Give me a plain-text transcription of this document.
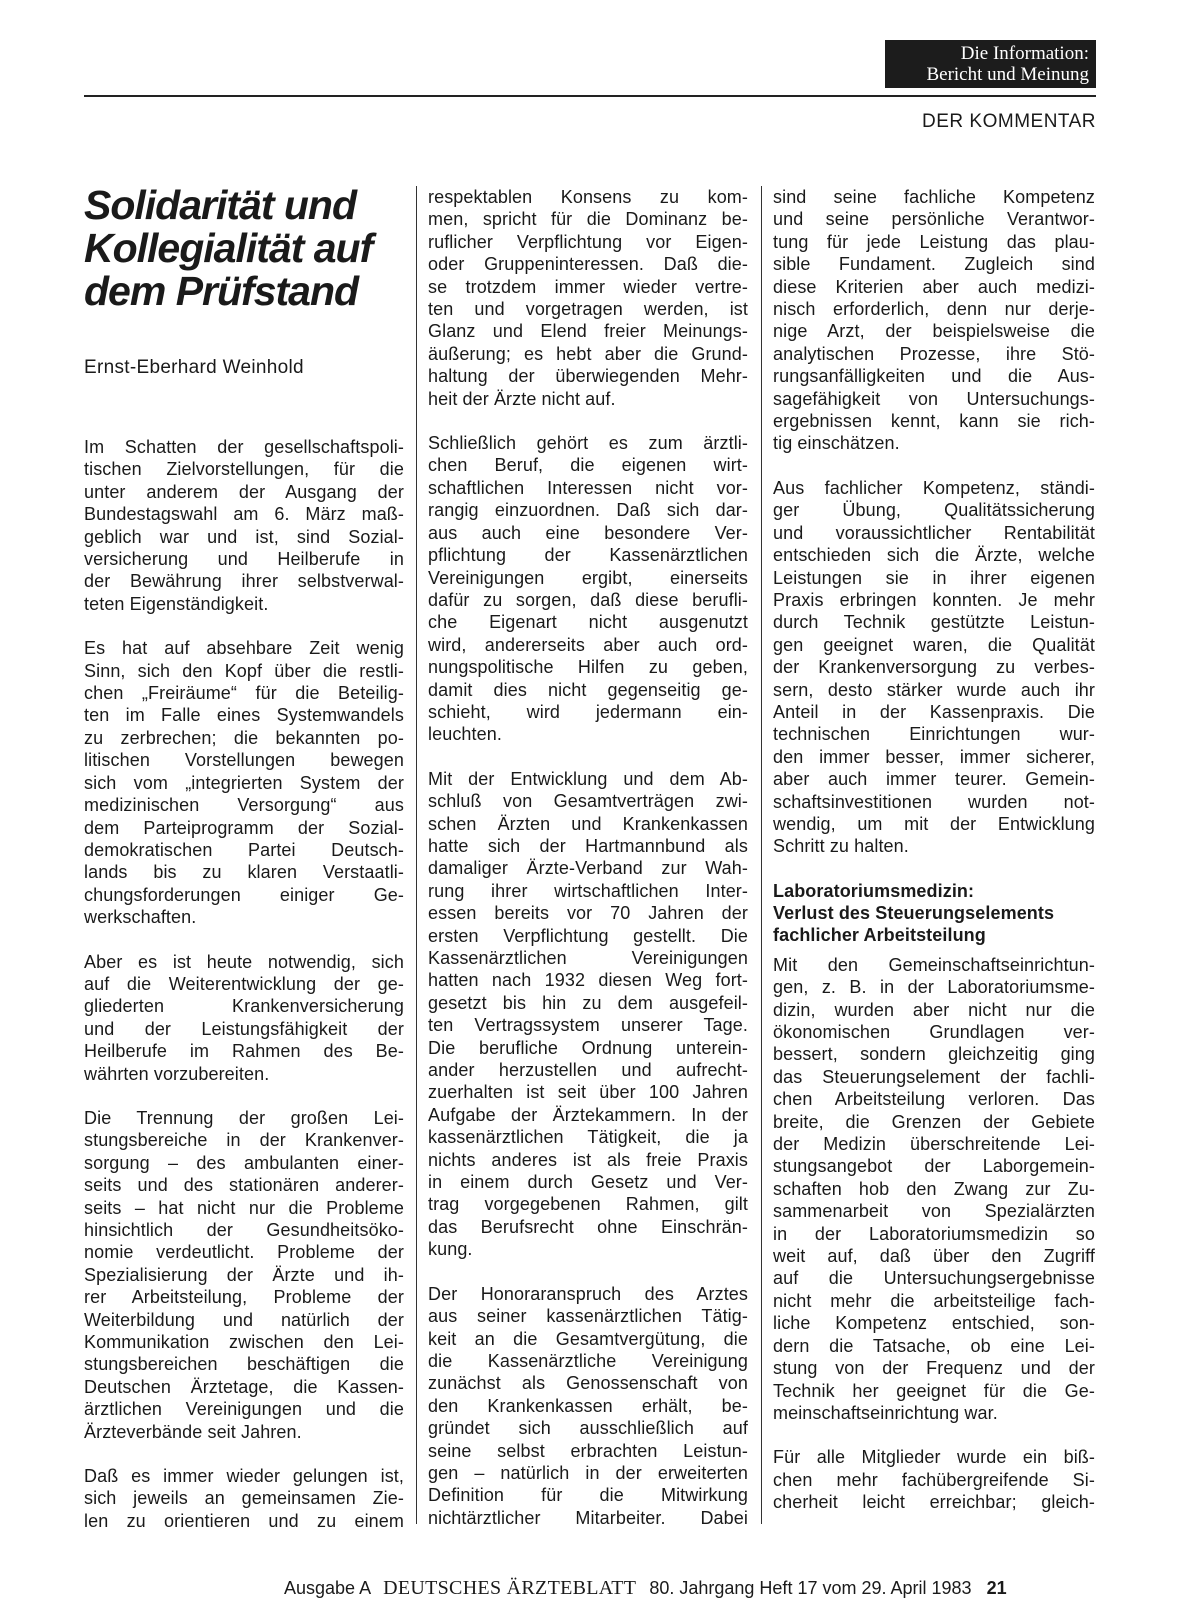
Die Information:
Bericht und Meinung
DER KOMMENTAR
Solidarität und
Kollegialität auf
dem Prüfstand
Ernst-Eberhard Weinhold
Im Schatten der gesellschaftspoli-
tischen Zielvorstellungen, für die
unter anderem der Ausgang der
Bundestagswahl am 6. März maß-
geblich war und ist, sind Sozial-
versicherung und Heilberufe in
der Bewährung ihrer selbstverwal-
teten Eigenständigkeit.
Es hat auf absehbare Zeit wenig
Sinn, sich den Kopf über die restli-
chen „Freiräume“ für die Beteilig-
ten im Falle eines Systemwandels
zu zerbrechen; die bekannten po-
litischen Vorstellungen bewegen
sich vom „integrierten System der
medizinischen Versorgung“ aus
dem Parteiprogramm der Sozial-
demokratischen Partei Deutsch-
lands bis zu klaren Verstaatli-
chungsforderungen einiger Ge-
werkschaften.
Aber es ist heute notwendig, sich
auf die Weiterentwicklung der ge-
gliederten Krankenversicherung
und der Leistungsfähigkeit der
Heilberufe im Rahmen des Be-
währten vorzubereiten.
Die Trennung der großen Lei-
stungsbereiche in der Krankenver-
sorgung – des ambulanten einer-
seits und des stationären anderer-
seits – hat nicht nur die Probleme
hinsichtlich der Gesundheitsöko-
nomie verdeutlicht. Probleme der
Spezialisierung der Ärzte und ih-
rer Arbeitsteilung, Probleme der
Weiterbildung und natürlich der
Kommunikation zwischen den Lei-
stungsbereichen beschäftigen die
Deutschen Ärztetage, die Kassen-
ärztlichen Vereinigungen und die
Ärzteverbände seit Jahren.
Daß es immer wieder gelungen ist,
sich jeweils an gemeinsamen Zie-
len zu orientieren und zu einem
respektablen Konsens zu kom-
men, spricht für die Dominanz be-
ruflicher Verpflichtung vor Eigen-
oder Gruppeninteressen. Daß die-
se trotzdem immer wieder vertre-
ten und vorgetragen werden, ist
Glanz und Elend freier Meinungs-
äußerung; es hebt aber die Grund-
haltung der überwiegenden Mehr-
heit der Ärzte nicht auf.
Schließlich gehört es zum ärztli-
chen Beruf, die eigenen wirt-
schaftlichen Interessen nicht vor-
rangig einzuordnen. Daß sich dar-
aus auch eine besondere Ver-
pflichtung der Kassenärztlichen
Vereinigungen ergibt, einerseits
dafür zu sorgen, daß diese berufli-
che Eigenart nicht ausgenutzt
wird, andererseits aber auch ord-
nungspolitische Hilfen zu geben,
damit dies nicht gegenseitig ge-
schieht, wird jedermann ein-
leuchten.
Mit der Entwicklung und dem Ab-
schluß von Gesamtverträgen zwi-
schen Ärzten und Krankenkassen
hatte sich der Hartmannbund als
damaliger Ärzte-Verband zur Wah-
rung ihrer wirtschaftlichen Inter-
essen bereits vor 70 Jahren der
ersten Verpflichtung gestellt. Die
Kassenärztlichen Vereinigungen
hatten nach 1932 diesen Weg fort-
gesetzt bis hin zu dem ausgefeil-
ten Vertragssystem unserer Tage.
Die berufliche Ordnung unterein-
ander herzustellen und aufrecht-
zuerhalten ist seit über 100 Jahren
Aufgabe der Ärztekammern. In der
kassenärztlichen Tätigkeit, die ja
nichts anderes ist als freie Praxis
in einem durch Gesetz und Ver-
trag vorgegebenen Rahmen, gilt
das Berufsrecht ohne Einschrän-
kung.
Der Honoraranspruch des Arztes
aus seiner kassenärztlichen Tätig-
keit an die Gesamtvergütung, die
die Kassenärztliche Vereinigung
zunächst als Genossenschaft von
den Krankenkassen erhält, be-
gründet sich ausschließlich auf
seine selbst erbrachten Leistun-
gen – natürlich in der erweiterten
Definition für die Mitwirkung
nichtärztlicher Mitarbeiter. Dabei
sind seine fachliche Kompetenz
und seine persönliche Verantwor-
tung für jede Leistung das plau-
sible Fundament. Zugleich sind
diese Kriterien aber auch medizi-
nisch erforderlich, denn nur derje-
nige Arzt, der beispielsweise die
analytischen Prozesse, ihre Stö-
rungsanfälligkeiten und die Aus-
sagefähigkeit von Untersuchungs-
ergebnissen kennt, kann sie rich-
tig einschätzen.
Aus fachlicher Kompetenz, ständi-
ger Übung, Qualitätssicherung
und voraussichtlicher Rentabilität
entschieden sich die Ärzte, welche
Leistungen sie in ihrer eigenen
Praxis erbringen konnten. Je mehr
durch Technik gestützte Leistun-
gen geeignet waren, die Qualität
der Krankenversorgung zu verbes-
sern, desto stärker wurde auch ihr
Anteil in der Kassenpraxis. Die
technischen Einrichtungen wur-
den immer besser, immer sicherer,
aber auch immer teurer. Gemein-
schaftsinvestitionen wurden not-
wendig, um mit der Entwicklung
Schritt zu halten.
Laboratoriumsmedizin:
Verlust des Steuerungselements
fachlicher Arbeitsteilung
Mit den Gemeinschaftseinrichtun-
gen, z. B. in der Laboratoriumsme-
dizin, wurden aber nicht nur die
ökonomischen Grundlagen ver-
bessert, sondern gleichzeitig ging
das Steuerungselement der fachli-
chen Arbeitsteilung verloren. Das
breite, die Grenzen der Gebiete
der Medizin überschreitende Lei-
stungsangebot der Laborgemein-
schaften hob den Zwang zur Zu-
sammenarbeit von Spezialärzten
in der Laboratoriumsmedizin so
weit auf, daß über den Zugriff
auf die Untersuchungsergebnisse
nicht mehr die arbeitsteilige fach-
liche Kompetenz entschied, son-
dern die Tatsache, ob eine Lei-
stung von der Frequenz und der
Technik her geeignet für die Ge-
meinschaftseinrichtung war.
Für alle Mitglieder wurde ein biß-
chen mehr fachübergreifende Si-
cherheit leicht erreichbar; gleich-
Ausgabe A DEUTSCHES ÄRZTEBLATT 80. Jahrgang Heft 17 vom 29. April 1983 21
